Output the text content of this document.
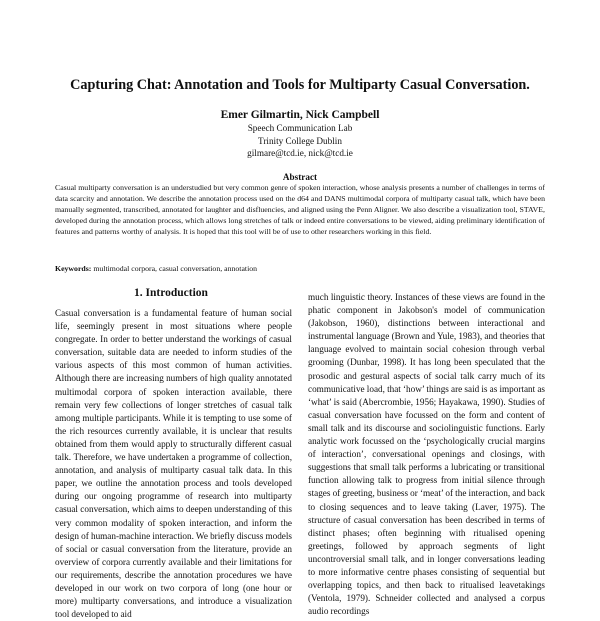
Capturing Chat: Annotation and Tools for Multiparty Casual Conversation.
Emer Gilmartin, Nick Campbell
Speech Communication Lab
Trinity College Dublin
gilmare@tcd.ie, nick@tcd.ie
Abstract
Casual multiparty conversation is an understudied but very common genre of spoken interaction, whose analysis presents a number of challenges in terms of data scarcity and annotation. We describe the annotation process used on the d64 and DANS multimodal corpora of multiparty casual talk, which have been manually segmented, transcribed, annotated for laughter and disfluencies, and aligned using the Penn Aligner. We also describe a visualization tool, STAVE, developed during the annotation process, which allows long stretches of talk or indeed entire conversations to be viewed, aiding preliminary identification of features and patterns worthy of analysis. It is hoped that this tool will be of use to other researchers working in this field.
Keywords: multimodal corpora, casual conversation, annotation
1. Introduction
Casual conversation is a fundamental feature of human social life, seemingly present in most situations where people congregate. In order to better understand the workings of casual conversation, suitable data are needed to inform studies of the various aspects of this most common of human activities. Although there are increasing numbers of high quality annotated multimodal corpora of spoken interaction available, there remain very few collections of longer stretches of casual talk among multiple participants. While it is tempting to use some of the rich resources currently available, it is unclear that results obtained from them would apply to structurally different casual talk. Therefore, we have undertaken a programme of collection, annotation, and analysis of multiparty casual talk data. In this paper, we outline the annotation process and tools developed during our ongoing programme of research into multiparty casual conversation, which aims to deepen understanding of this very common modality of spoken interaction, and inform the design of human-machine interaction. We briefly discuss models of social or casual conversation from the literature, provide an overview of corpora currently available and their limitations for our requirements, describe the annotation procedures we have developed in our work on two corpora of long (one hour or more) multiparty conversations, and introduce a visualization tool developed to aid
much linguistic theory. Instances of these views are found in the phatic component in Jakobson's model of communication (Jakobson, 1960), distinctions between interactional and instrumental language (Brown and Yule, 1983), and theories that language evolved to maintain social cohesion through verbal grooming (Dunbar, 1998). It has long been speculated that the prosodic and gestural aspects of social talk carry much of its communicative load, that ‘how’ things are said is as important as ‘what’ is said (Abercrombie, 1956; Hayakawa, 1990). Studies of casual conversation have focussed on the form and content of small talk and its discourse and sociolinguistic functions. Early analytic work focussed on the ‘psychologically crucial margins of interaction’, conversational openings and closings, with suggestions that small talk performs a lubricating or transitional function allowing talk to progress from initial silence through stages of greeting, business or ‘meat’ of the interaction, and back to closing sequences and to leave taking (Laver, 1975). The structure of casual conversation has been described in terms of distinct phases; often beginning with ritualised opening greetings, followed by approach segments of light uncontroversial small talk, and in longer conversations leading to more informative centre phases consisting of sequential but overlapping topics, and then back to ritualised leavetakings (Ventola, 1979). Schneider collected and analysed a corpus audio recordings
